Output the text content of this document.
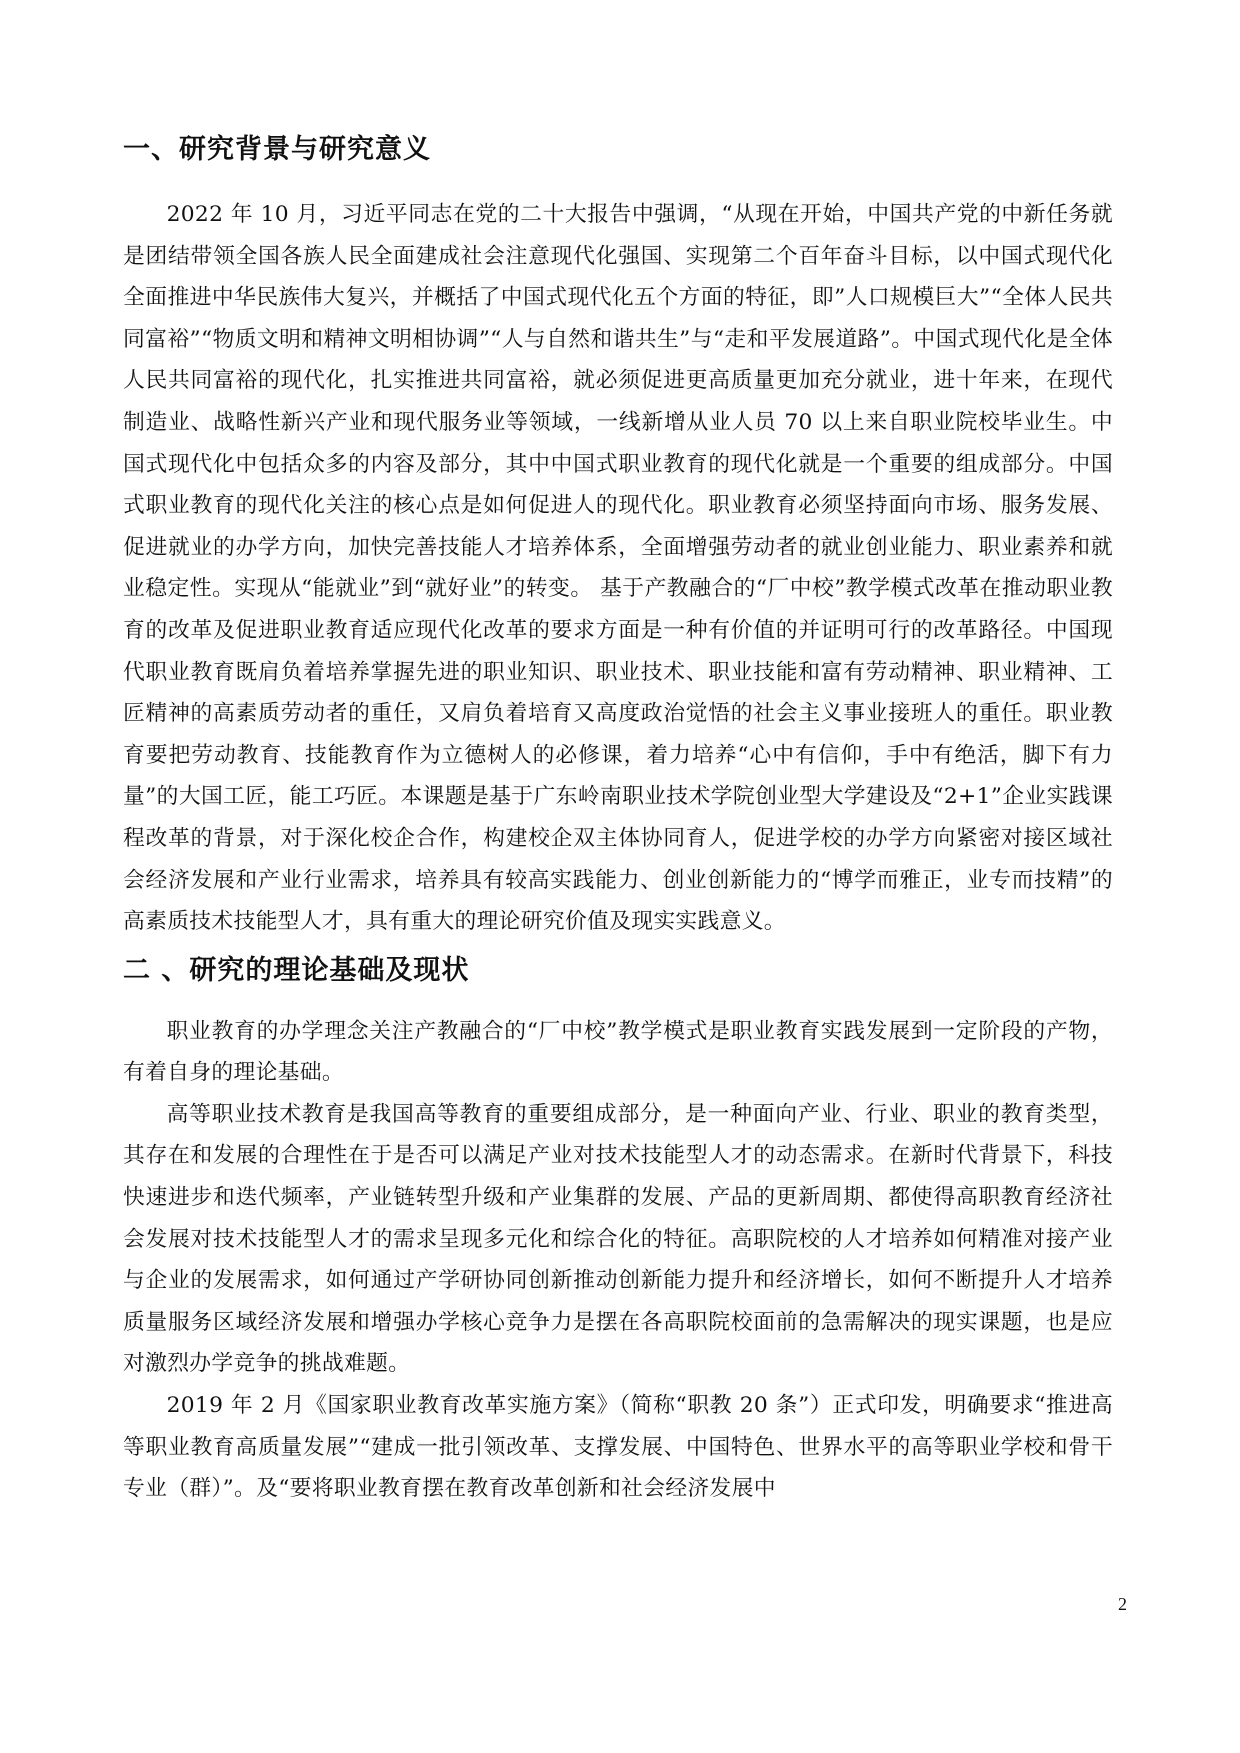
一、研究背景与研究意义

2022 年 10 月，习近平同志在党的二十大报告中强调，“从现在开始，中国共产党的中新任务就是团结带领全国各族人民全面建成社会注意现代化强国、实现第二个百年奋斗目标，以中国式现代化全面推进中华民族伟大复兴，并概括了中国式现代化五个方面的特征，即”人口规模巨大”“全体人民共同富裕”“物质文明和精神文明相协调”“人与自然和谐共生”与“走和平发展道路”。中国式现代化是全体人民共同富裕的现代化，扎实推进共同富裕，就必须促进更高质量更加充分就业，进十年来，在现代制造业、战略性新兴产业和现代服务业等领域，一线新增从业人员 70 以上来自职业院校毕业生。中国式现代化中包括众多的内容及部分，其中中国式职业教育的现代化就是一个重要的组成部分。中国式职业教育的现代化关注的核心点是如何促进人的现代化。职业教育必须坚持面向市场、服务发展、促进就业的办学方向，加快完善技能人才培养体系，全面增强劳动者的就业创业能力、职业素养和就业稳定性。实现从“能就业”到“就好业”的转变。 基于产教融合的“厂中校”教学模式改革在推动职业教育的改革及促进职业教育适应现代化改革的要求方面是一种有价值的并证明可行的改革路径。中国现代职业教育既肩负着培养掌握先进的职业知识、职业技术、职业技能和富有劳动精神、职业精神、工匠精神的高素质劳动者的重任，又肩负着培育又高度政治觉悟的社会主义事业接班人的重任。职业教育要把劳动教育、技能教育作为立德树人的必修课，着力培养“心中有信仰，手中有绝活，脚下有力量”的大国工匠，能工巧匠。本课题是基于广东岭南职业技术学院创业型大学建设及“2+1”企业实践课程改革的背景，对于深化校企合作，构建校企双主体协同育人，促进学校的办学方向紧密对接区域社会经济发展和产业行业需求，培养具有较高实践能力、创业创新能力的“博学而雅正，业专而技精”的高素质技术技能型人才，具有重大的理论研究价值及现实实践意义。

二 、研究的理论基础及现状

职业教育的办学理念关注产教融合的“厂中校”教学模式是职业教育实践发展到一定阶段的产物，有着自身的理论基础。

高等职业技术教育是我国高等教育的重要组成部分，是一种面向产业、行业、职业的教育类型，其存在和发展的合理性在于是否可以满足产业对技术技能型人才的动态需求。在新时代背景下，科技快速进步和迭代频率，产业链转型升级和产业集群的发展、产品的更新周期、都使得高职教育经济社会发展对技术技能型人才的需求呈现多元化和综合化的特征。高职院校的人才培养如何精准对接产业与企业的发展需求，如何通过产学研协同创新推动创新能力提升和经济增长，如何不断提升人才培养质量服务区域经济发展和增强办学核心竞争力是摆在各高职院校面前的急需解决的现实课题，也是应对激烈办学竞争的挑战难题。

2019 年 2 月《国家职业教育改革实施方案》（简称“职教 20 条”）正式印发，明确要求“推进高等职业教育高质量发展”“建成一批引领改革、支撑发展、中国特色、世界水平的高等职业学校和骨干专业（群）”。及“要将职业教育摆在教育改革创新和社会经济发展中

2
